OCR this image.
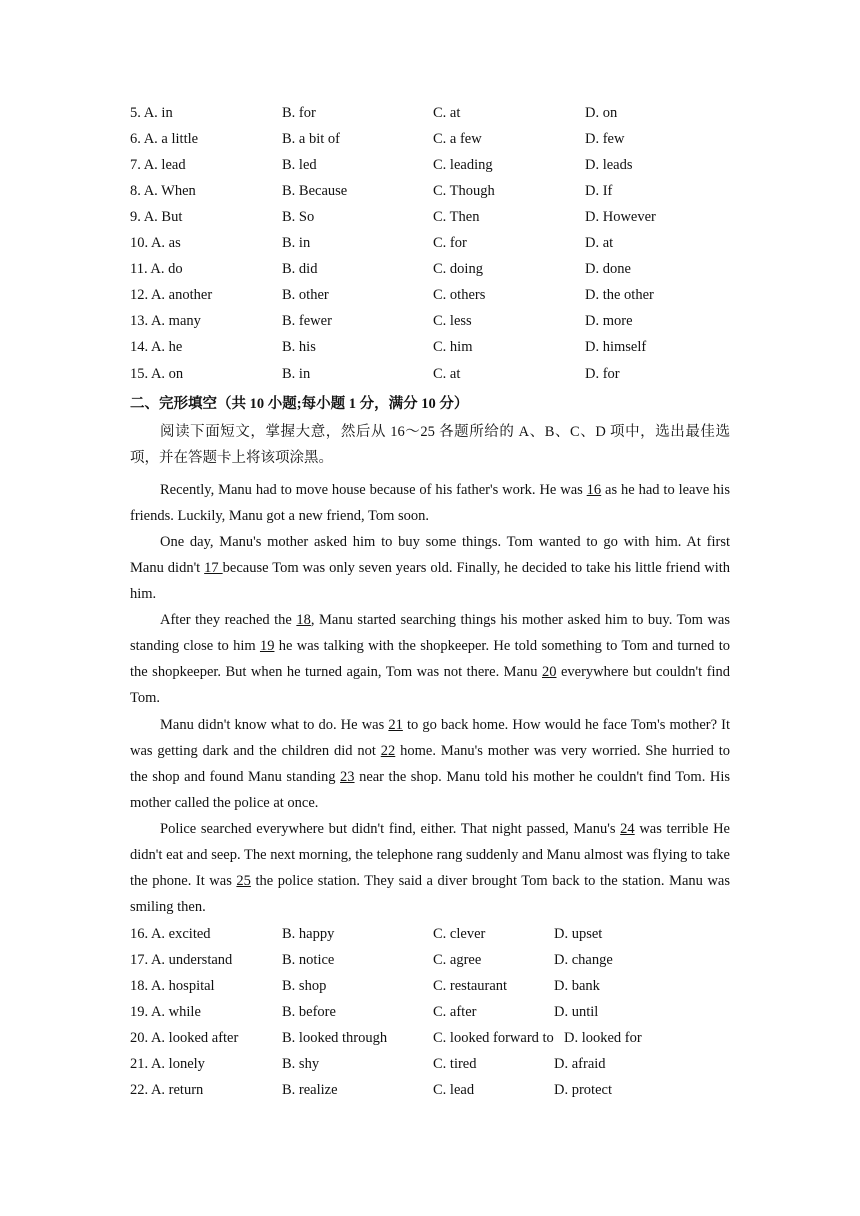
5. A. in	B. for	C. at	D. on
6. A. a little	B. a bit of	C. a few	D. few
7. A. lead	B. led	C. leading	D. leads
8. A. When	B. Because	C. Though	D. If
9. A. But	B. So	C. Then	D. However
10. A. as	B. in	C. for	D. at
11. A. do	B. did	C. doing	D. done
12. A. another	B. other	C. others	D. the other
13. A. many	B. fewer	C. less	D. more
14. A. he	B. his	C. him	D. himself
15. A. on	B. in	C. at	D. for
二、完形填空（共 10 小题;每小题 1 分，满分 10 分）

阅读下面短文，掌握大意，然后从 16～25 各题所给的 A、B、C、D 项中，选出最佳选项，并在答题卡上将该项涂黑。

Recently, Manu had to move house because of his father's work. He was 16 as he had to leave his friends. Luckily, Manu got a new friend, Tom soon.

One day, Manu's mother asked him to buy some things. Tom wanted to go with him. At first Manu didn't 17 because Tom was only seven years old. Finally, he decided to take his little friend with him.

After they reached the 18, Manu started searching things his mother asked him to buy. Tom was standing close to him 19 he was talking with the shopkeeper. He told something to Tom and turned to the shopkeeper. But when he turned again, Tom was not there. Manu 20 everywhere but couldn't find Tom.

Manu didn't know what to do. He was 21 to go back home. How would he face Tom's mother? It was getting dark and the children did not 22 home. Manu's mother was very worried. She hurried to the shop and found Manu standing 23 near the shop. Manu told his mother he couldn't find Tom. His mother called the police at once.

Police searched everywhere but didn't find, either. That night passed, Manu's 24 was terrible He didn't eat and seep. The next morning, the telephone rang suddenly and Manu almost was flying to take the phone. It was 25 the police station. They said a diver brought Tom back to the station. Manu was smiling then.

16. A. excited	B. happy	C. clever	D. upset
17. A. understand	B. notice	C. agree	D. change
18. A. hospital	B. shop	C. restaurant	D. bank
19. A. while	B. before	C. after	D. until
20. A. looked after	B. looked through	C. looked forward to D. looked for
21. A. lonely	B. shy	C. tired	D. afraid
22. A. return	B. realize	C. lead	D. protect
